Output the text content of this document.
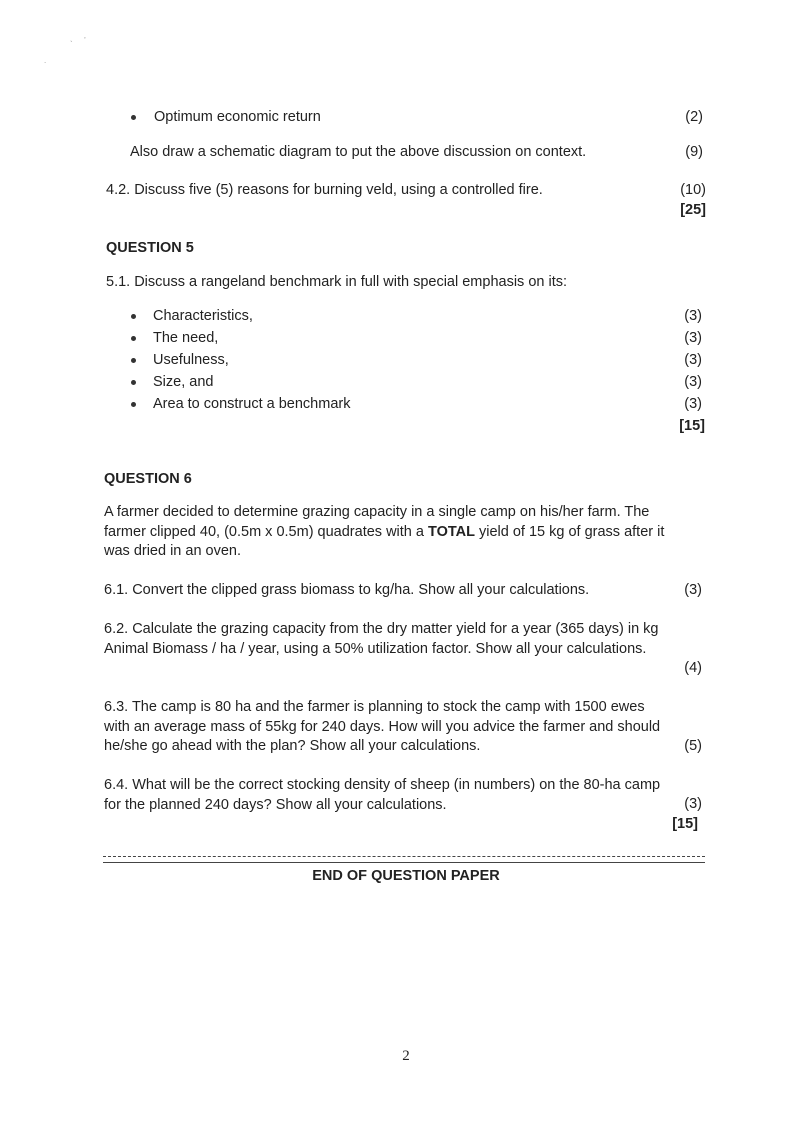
` ’
.
Optimum economic return	(2)
Also draw a schematic diagram to put the above discussion on context.	(9)
4.2. Discuss five (5) reasons for burning veld, using a controlled fire.	(10)
[25]
QUESTION 5
5.1. Discuss a rangeland benchmark in full with special emphasis on its:
Characteristics,	(3)
The need,	(3)
Usefulness,	(3)
Size, and	(3)
Area to construct a benchmark	(3)
[15]
QUESTION 6
A farmer decided to determine grazing capacity in a single camp on his/her farm. The
farmer clipped 40, (0.5m x 0.5m) quadrates with a TOTAL yield of 15 kg of grass after it
was dried in an oven.
6.1. Convert the clipped grass biomass to kg/ha. Show all your calculations.	(3)
6.2. Calculate the grazing capacity from the dry matter yield for a year (365 days) in kg
Animal Biomass / ha / year, using a 50% utilization factor. Show all your calculations.
(4)
6.3. The camp is 80 ha and the farmer is planning to stock the camp with 1500 ewes
with an average mass of 55kg for 240 days. How will you advice the farmer and should
he/she go ahead with the plan? Show all your calculations.	(5)
6.4. What will be the correct stocking density of sheep (in numbers) on the 80-ha camp
for the planned 240 days? Show all your calculations.	(3)
[15]
END OF QUESTION PAPER
2
